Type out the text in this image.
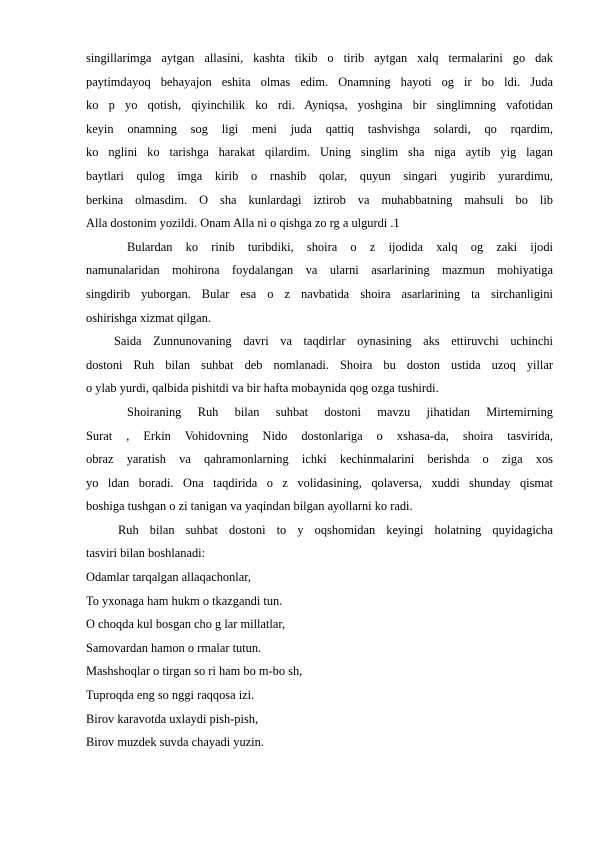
singillarimga aytgan allasini, kashta tikib o tirib aytgan xalq termalarini go dak
paytimdayoq behayajon eshita olmas edim. Onamning hayoti og ir bo ldi. Juda
ko p yo qotish, qiyinchilik ko rdi. Ayniqsa, yoshgina bir singlimning vafotidan
keyin onamning sog ligi meni juda qattiq tashvishga solardi, qo rqardim,
ko nglini ko tarishga harakat qilardim. Uning singlim sha niga aytib yig lagan
baytlari qulog imga kirib o rnashib qolar, quyun singari yugirib yurardimu,
berkina olmasdim. O sha kunlardagi iztirob va muhabbatning mahsuli bo lib
Alla dostonim yozildi. Onam Alla ni o qishga zo rg a ulgurdi .1
Bulardan ko rinib turibdiki, shoira o z ijodida xalq og zaki ijodi
namunalaridan mohirona foydalangan va ularni asarlarining mazmun mohiyatiga
singdirib yuborgan. Bular esa o z navbatida shoira asarlarining ta sirchanligini
oshirishga xizmat qilgan.
Saida Zunnunovaning davri va taqdirlar oynasining aks ettiruvchi uchinchi
dostoni Ruh bilan suhbat deb nomlanadi. Shoira bu doston ustida uzoq yillar
o ylab yurdi, qalbida pishitdi va bir hafta mobaynida qog ozga tushirdi.
Shoiraning Ruh bilan suhbat dostoni mavzu jihatidan Mirtemirning
Surat , Erkin Vohidovning Nido dostonlariga o xshasa-da, shoira tasvirida,
obraz yaratish va qahramonlarning ichki kechinmalarini berishda o ziga xos
yo ldan boradi. Ona taqdirida o z volidasining, qolaversa, xuddi shunday qismat
boshiga tushgan o zi tanigan va yaqindan bilgan ayollarni ko radi.
Ruh bilan suhbat dostoni to y oqshomidan keyingi holatning quyidagicha
tasviri bilan boshlanadi:
Odamlar tarqalgan allaqachonlar,
To yxonaga ham hukm o tkazgandi tun.
O choqda kul bosgan cho g lar millatlar,
Samovardan hamon o rmalar tutun.
Mashshoqlar o tirgan so ri ham bo m-bo sh,
Tuproqda eng so nggi raqqosa izi.
Birov karavotda uxlaydi pish-pish,
Birov muzdek suvda chayadi yuzin.
